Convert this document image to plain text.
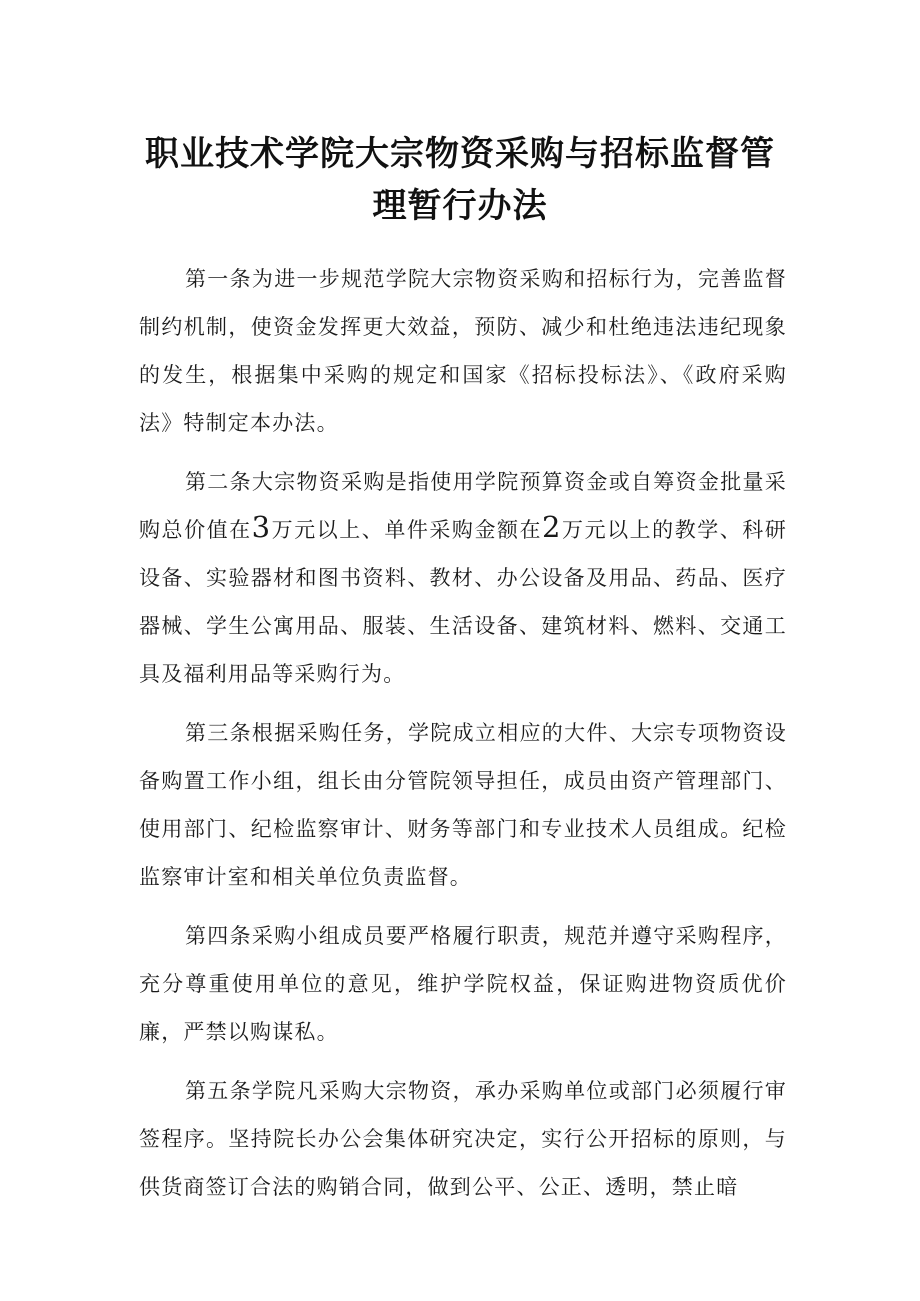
职业技术学院大宗物资采购与招标监督管
理暂行办法

第一条为进一步规范学院大宗物资采购和招标行为，完善监督制约机制，使资金发挥更大效益，预防、减少和杜绝违法违纪现象的发生，根据集中采购的规定和国家《招标投标法》、《政府采购法》特制定本办法。

第二条大宗物资采购是指使用学院预算资金或自筹资金批量采购总价值在3万元以上、单件采购金额在2万元以上的教学、科研设备、实验器材和图书资料、教材、办公设备及用品、药品、医疗器械、学生公寓用品、服装、生活设备、建筑材料、燃料、交通工具及福利用品等采购行为。

第三条根据采购任务，学院成立相应的大件、大宗专项物资设备购置工作小组，组长由分管院领导担任，成员由资产管理部门、使用部门、纪检监察审计、财务等部门和专业技术人员组成。纪检监察审计室和相关单位负责监督。

第四条采购小组成员要严格履行职责，规范并遵守采购程序，充分尊重使用单位的意见，维护学院权益，保证购进物资质优价廉，严禁以购谋私。

第五条学院凡采购大宗物资，承办采购单位或部门必须履行审签程序。坚持院长办公会集体研究决定，实行公开招标的原则，与供货商签订合法的购销合同，做到公平、公正、透明，禁止暗
